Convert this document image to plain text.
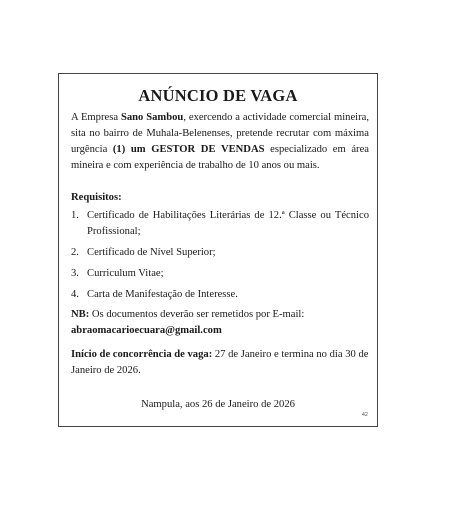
ANÚNCIO DE VAGA
A Empresa Sano Sambou, exercendo a actividade comercial mineira, sita no bairro de Muhala-Belenenses, pretende recrutar com máxima urgência (1) um GESTOR DE VENDAS especializado em área mineira e com experiência de trabalho de 10 anos ou mais.
Requisitos:
1. Certificado de Habilitações Literárias de 12.ª Classe ou Técnico Profissional;
2. Certificado de Nível Superior;
3. Curriculum Vitae;
4. Carta de Manifestação de Interesse.
NB: Os documentos deverão ser remetidos por E-mail:
abraomacarioecuara@gmail.com
Início de concorrência de vaga: 27 de Janeiro e termina no dia 30 de Janeiro de 2026.
Nampula, aos 26 de Janeiro de 2026
42
